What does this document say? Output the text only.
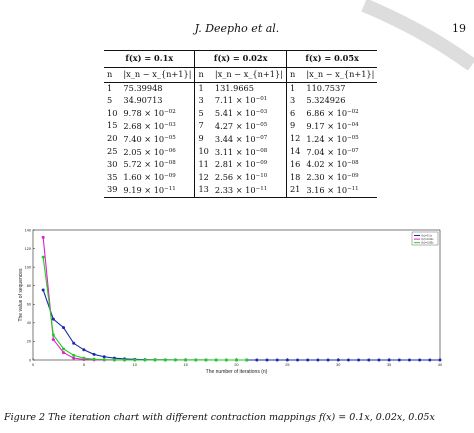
J. Deepho et al.	19
f(x) = 0.1x		f(x) = 0.02x		f(x) = 0.05x	
n	|x_n − x_{n+1}|	n	|x_n − x_{n+1}|	n	|x_n − x_{n+1}|
1	75.39948	1	131.9665	1	110.7537
5	34.90713	3	$7.11 \times 10^{-01}$	3	5.324926
10	$9.78 \times 10^{-02}$	5	$5.41 \times 10^{-03}$	6	$6.86 \times 10^{-02}$
15	$2.68 \times 10^{-03}$	7	$4.27 \times 10^{-05}$	9	$9.17 \times 10^{-04}$
20	$7.40 \times 10^{-05}$	9	$3.44 \times 10^{-07}$	12	$1.24 \times 10^{-05}$
25	$2.05 \times 10^{-06}$	10	$3.11 \times 10^{-08}$	14	$7.04 \times 10^{-07}$
30	$5.72 \times 10^{-08}$	11	$2.81 \times 10^{-09}$	16	$4.02 \times 10^{-08}$
35	$1.60 \times 10^{-09}$	12	$2.56 \times 10^{-10}$	18	$2.30 \times 10^{-09}$
39	$9.19 \times 10^{-11}$	13	$2.33 \times 10^{-11}$	21	$3.16 \times 10^{-11}$
0	5	10	15	20	25	30	35	40
0
20
40
60
80
100
120
140
The number of iterations (n)
The value of sequences
f(x)=0.1x
f(x)=0.02x
f(x)=0.05x
Figure 2 The iteration chart with different contraction mappings f(x) = 0.1x, 0.02x, 0.05x
